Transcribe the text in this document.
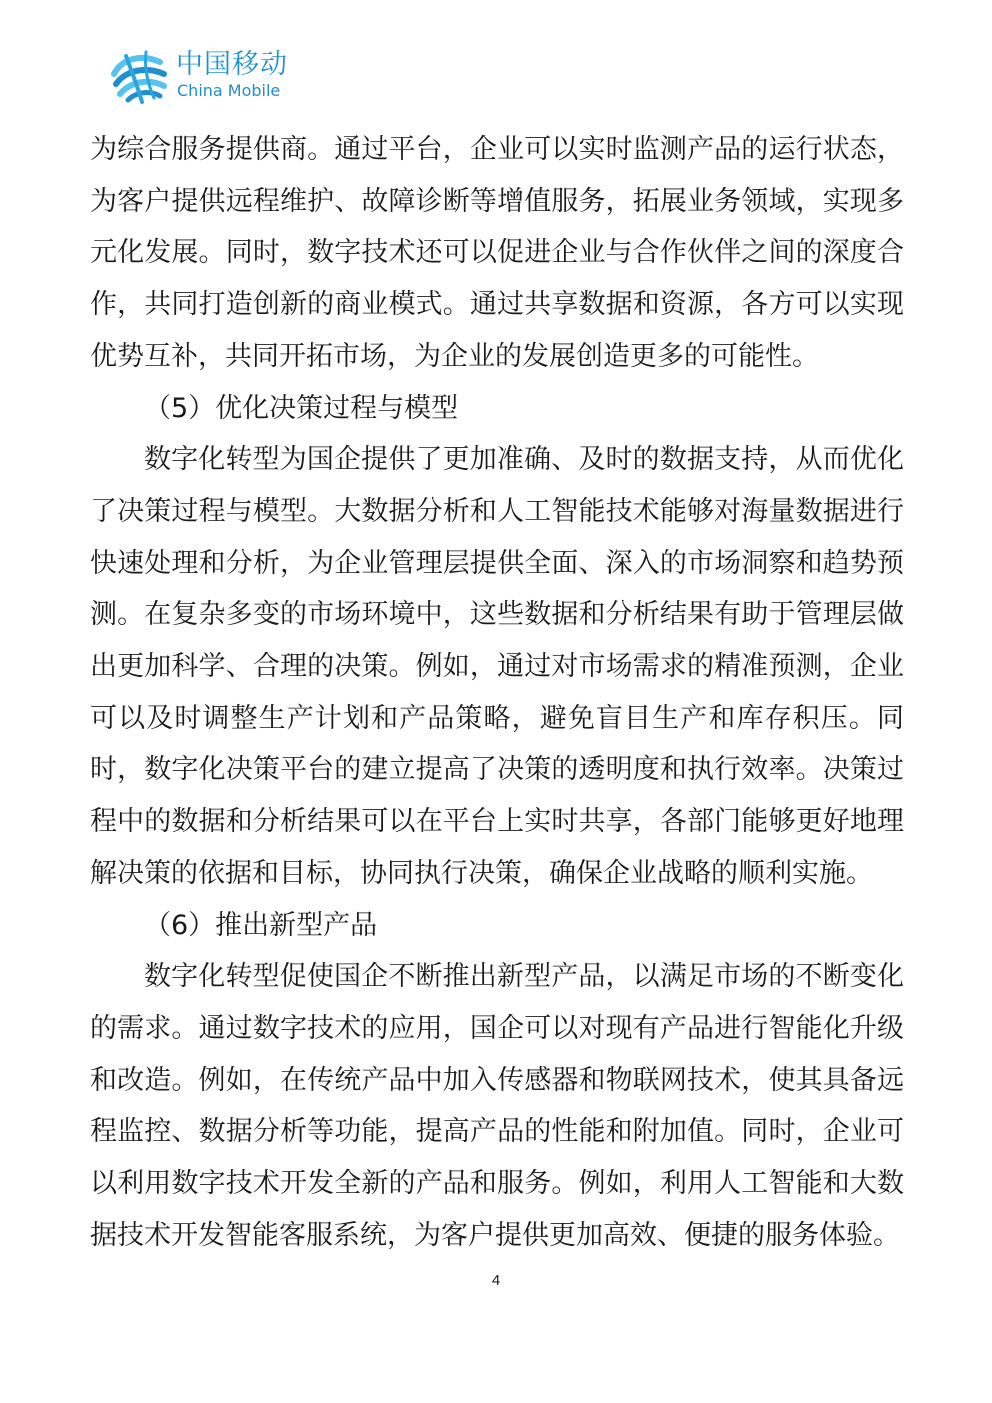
中国移动
China Mobile

为综合服务提供商。通过平台，企业可以实时监测产品的运行状态，为客户提供远程维护、故障诊断等增值服务，拓展业务领域，实现多元化发展。同时，数字技术还可以促进企业与合作伙伴之间的深度合作，共同打造创新的商业模式。通过共享数据和资源，各方可以实现优势互补，共同开拓市场，为企业的发展创造更多的可能性。

（5）优化决策过程与模型

数字化转型为国企提供了更加准确、及时的数据支持，从而优化了决策过程与模型。大数据分析和人工智能技术能够对海量数据进行快速处理和分析，为企业管理层提供全面、深入的市场洞察和趋势预测。在复杂多变的市场环境中，这些数据和分析结果有助于管理层做出更加科学、合理的决策。例如，通过对市场需求的精准预测，企业可以及时调整生产计划和产品策略，避免盲目生产和库存积压。同时，数字化决策平台的建立提高了决策的透明度和执行效率。决策过程中的数据和分析结果可以在平台上实时共享，各部门能够更好地理解决策的依据和目标，协同执行决策，确保企业战略的顺利实施。

（6）推出新型产品

数字化转型促使国企不断推出新型产品，以满足市场的不断变化的需求。通过数字技术的应用，国企可以对现有产品进行智能化升级和改造。例如，在传统产品中加入传感器和物联网技术，使其具备远程监控、数据分析等功能，提高产品的性能和附加值。同时，企业可以利用数字技术开发全新的产品和服务。例如，利用人工智能和大数据技术开发智能客服系统，为客户提供更加高效、便捷的服务体验。

4
